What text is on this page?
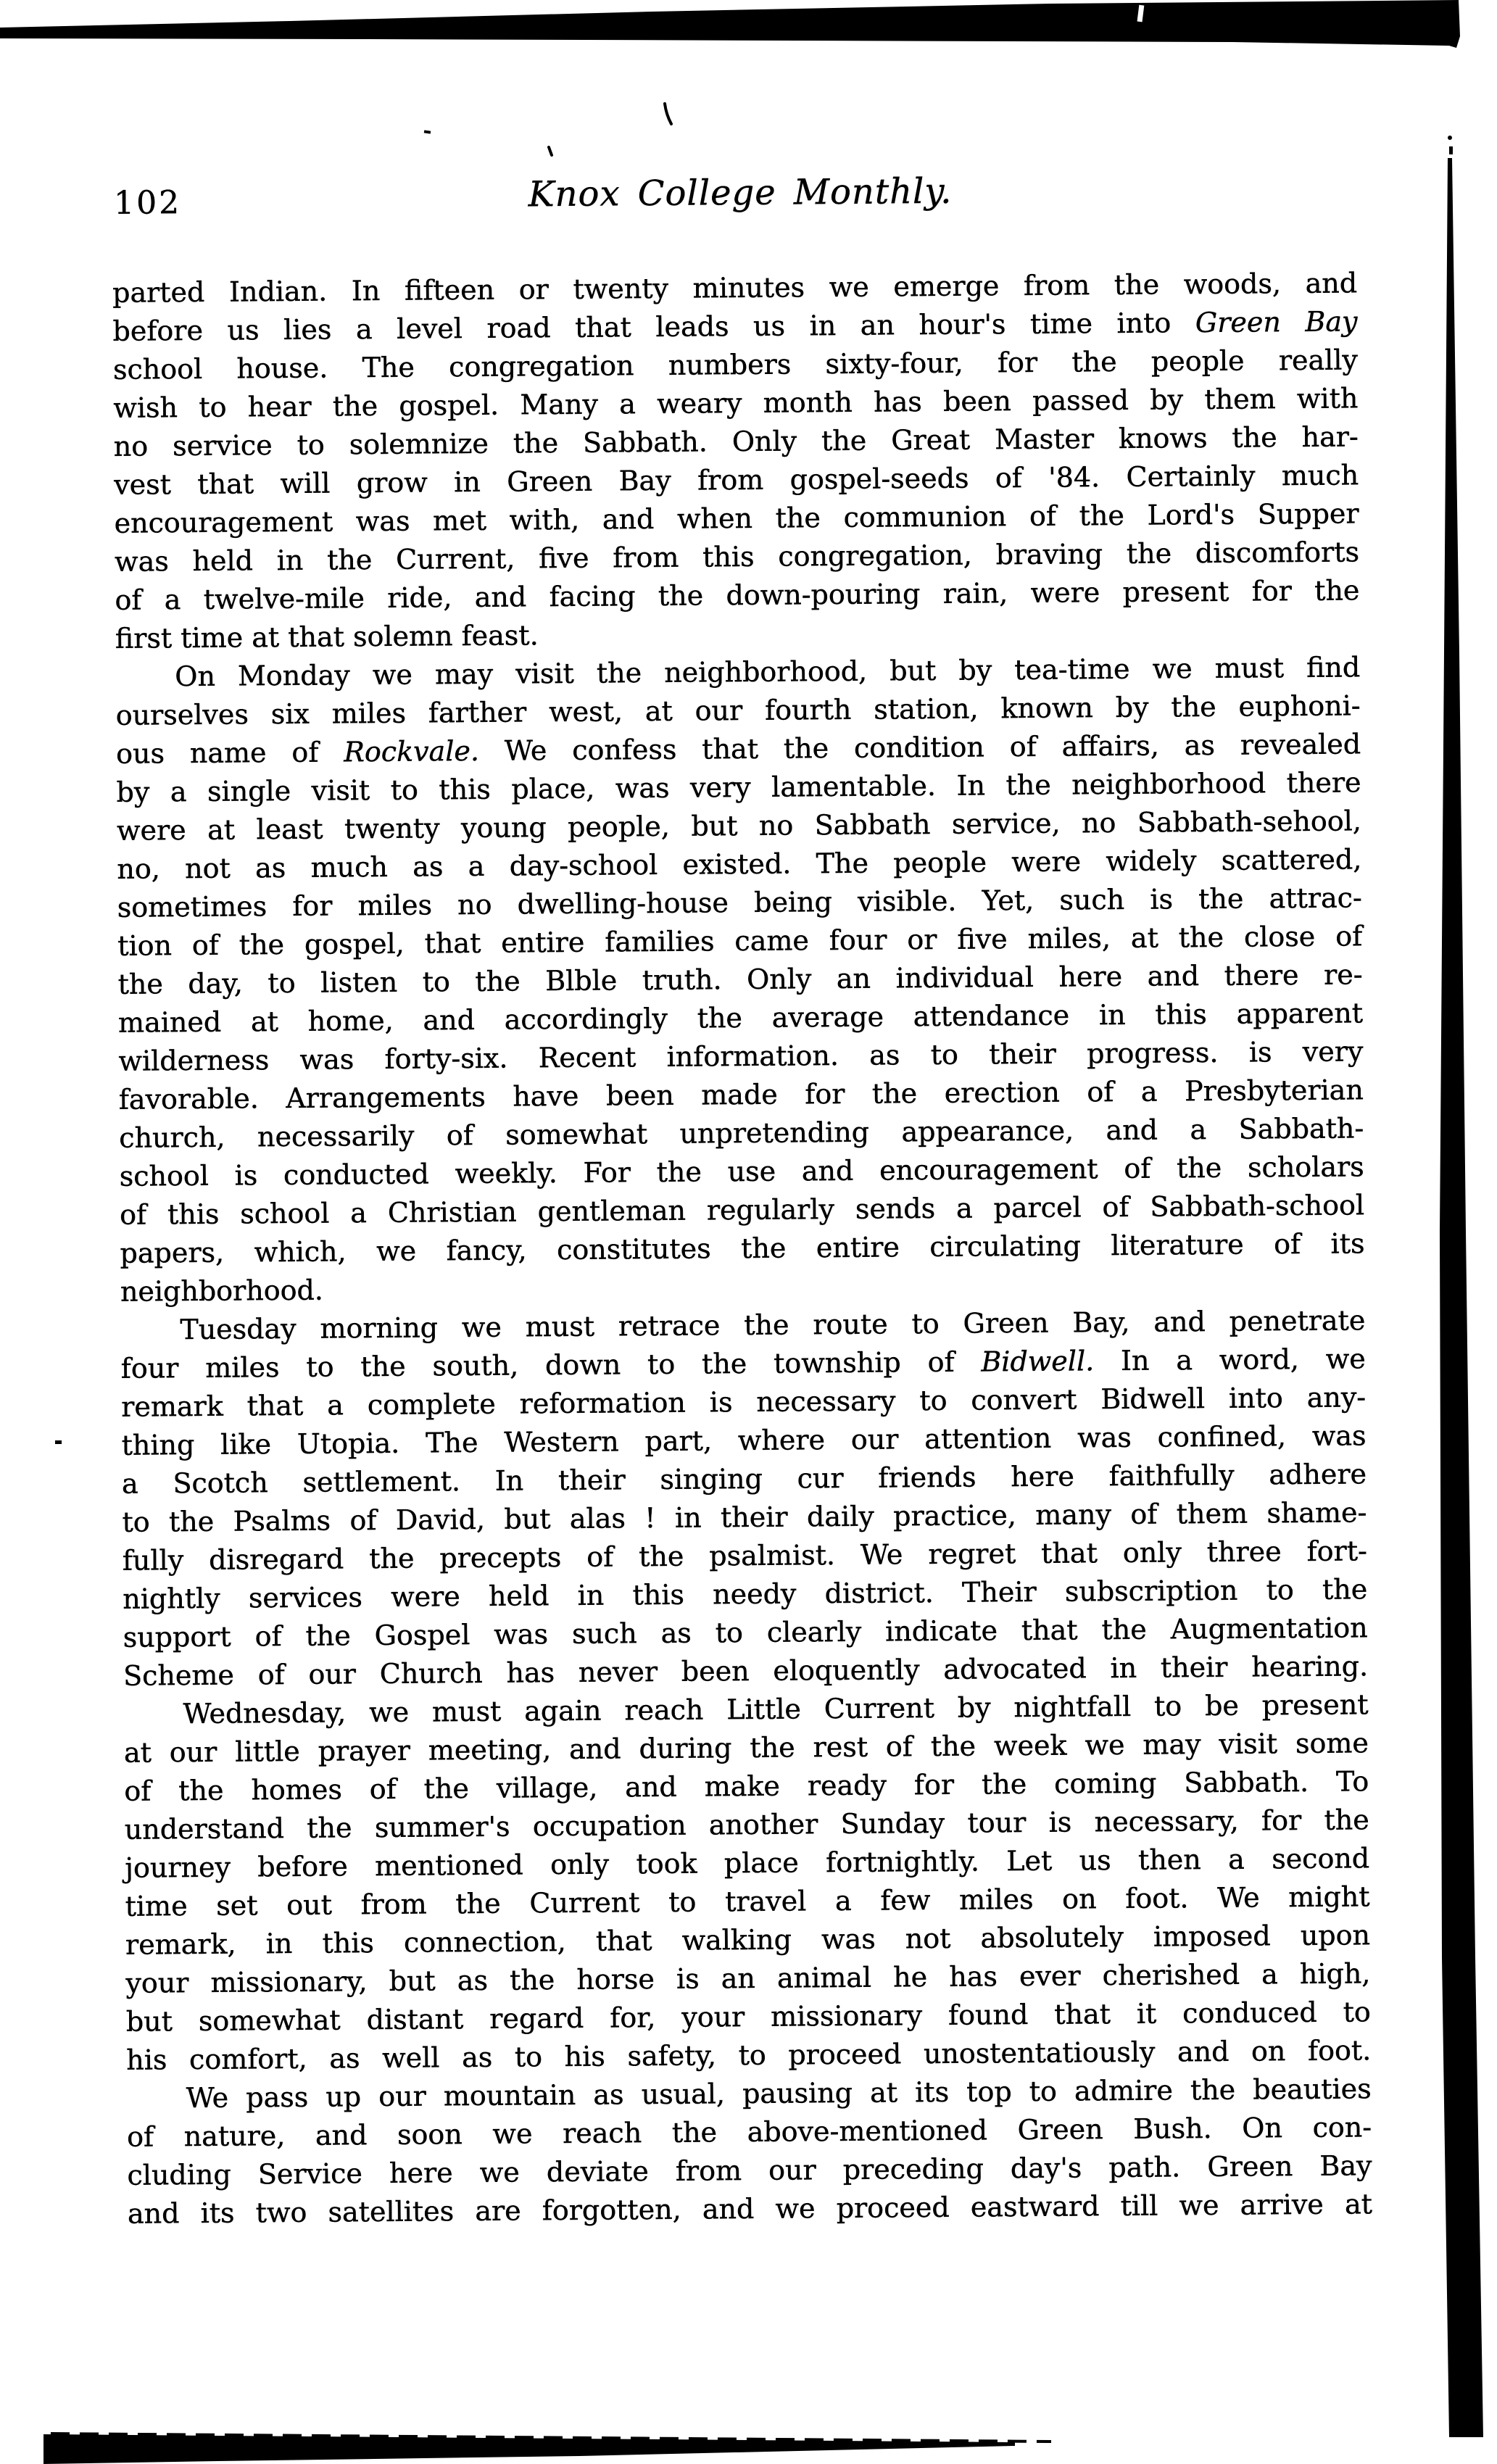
102	Knox College Monthly.
parted Indian. In fifteen or twenty minutes we emerge from the woods, and
before us lies a level road that leads us in an hour's time into Green Bay
school house. The congregation numbers sixty-four, for the people really
wish to hear the gospel. Many a weary month has been passed by them with
no service to solemnize the Sabbath. Only the Great Master knows the har-
vest that will grow in Green Bay from gospel-seeds of '84. Certainly much
encouragement was met with, and when the communion of the Lord's Supper
was held in the Current, five from this congregation, braving the discomforts
of a twelve-mile ride, and facing the down-pouring rain, were present for the
first time at that solemn feast.
On Monday we may visit the neighborhood, but by tea-time we must find
ourselves six miles farther west, at our fourth station, known by the euphoni-
ous name of Rockvale. We confess that the condition of affairs, as revealed
by a single visit to this place, was very lamentable. In the neighborhood there
were at least twenty young people, but no Sabbath service, no Sabbath-sehool,
no, not as much as a day-school existed. The people were widely scattered,
sometimes for miles no dwelling-house being visible. Yet, such is the attrac-
tion of the gospel, that entire families came four or five miles, at the close of
the day, to listen to the Blble truth. Only an individual here and there re-
mained at home, and accordingly the average attendance in this apparent
wilderness was forty-six. Recent information. as to their progress. is very
favorable. Arrangements have been made for the erection of a Presbyterian
church, necessarily of somewhat unpretending appearance, and a Sabbath-
school is conducted weekly. For the use and encouragement of the scholars
of this school a Christian gentleman regularly sends a parcel of Sabbath-school
papers, which, we fancy, constitutes the entire circulating literature of its
neighborhood.
Tuesday morning we must retrace the route to Green Bay, and penetrate
four miles to the south, down to the township of Bidwell. In a word, we
remark that a complete reformation is necessary to convert Bidwell into any-
thing like Utopia. The Western part, where our attention was confined, was
a Scotch settlement. In their singing cur friends here faithfully adhere
to the Psalms of David, but alas ! in their daily practice, many of them shame-
fully disregard the precepts of the psalmist. We regret that only three fort-
nightly services were held in this needy district. Their subscription to the
support of the Gospel was such as to clearly indicate that the Augmentation
Scheme of our Church has never been eloquently advocated in their hearing.
Wednesday, we must again reach Little Current by nightfall to be present
at our little prayer meeting, and during the rest of the week we may visit some
of the homes of the village, and make ready for the coming Sabbath. To
understand the summer's occupation another Sunday tour is necessary, for the
journey before mentioned only took place fortnightly. Let us then a second
time set out from the Current to travel a few miles on foot. We might
remark, in this connection, that walking was not absolutely imposed upon
your missionary, but as the horse is an animal he has ever cherished a high,
but somewhat distant regard for, your missionary found that it conduced to
his comfort, as well as to his safety, to proceed unostentatiously and on foot.
We pass up our mountain as usual, pausing at its top to admire the beauties
of nature, and soon we reach the above-mentioned Green Bush. On con-
cluding Service here we deviate from our preceding day's path. Green Bay
and its two satellites are forgotten, and we proceed eastward till we arrive at
